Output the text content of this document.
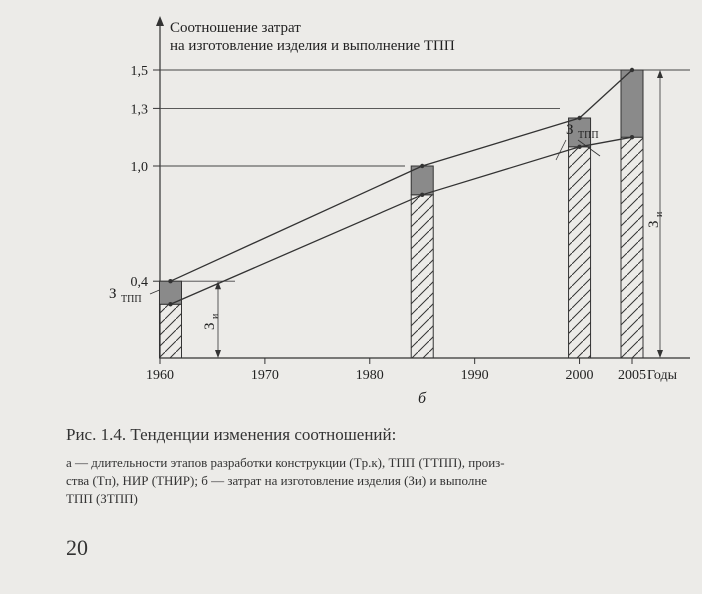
Соотношение затрат
на изготовление изделия и выполнение ТПП
Годы
б
0,4
1,0
1,3
1,5
1960	1970	1980	1990	2000 2005
З ТПП
З ТПП
З
и
З
и
Рис. 1.4. Тенденции изменения соотношений:
а — длительности этапов разработки конструкции (Tр.к), ТПП (TТПП), произ-
ства (Tп), НИР (TНИР); б — затрат на изготовление изделия (Зи) и выполне
ТПП (ЗТПП)
20
